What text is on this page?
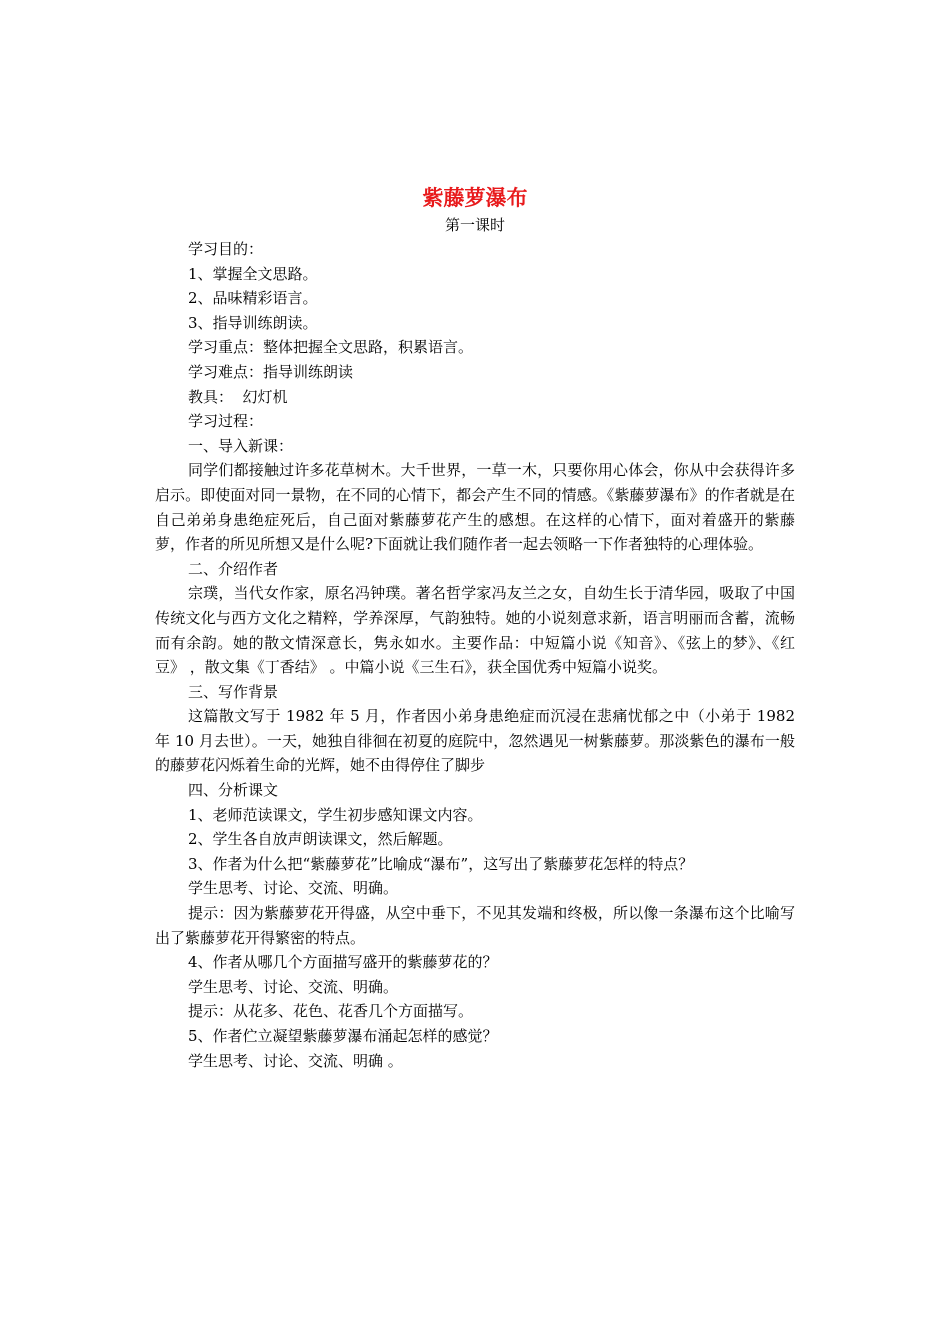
紫藤萝瀑布
第一课时

学习目的：

1、掌握全文思路。

2、品味精彩语言。

3、指导训练朗读。

学习重点：整体把握全文思路，积累语言。

学习难点：指导训练朗读

教具：  幻灯机

学习过程：

一、导入新课：

同学们都接触过许多花草树木。大千世界，一草一木，只要你用心体会，你从中会获得许多启示。即使面对同一景物，在不同的心情下，都会产生不同的情感。《紫藤萝瀑布》的作者就是在自己弟弟身患绝症死后，自己面对紫藤萝花产生的感想。在这样的心情下，面对着盛开的紫藤萝，作者的所见所想又是什么呢?下面就让我们随作者一起去领略一下作者独特的心理体验。

二、介绍作者

宗璞，当代女作家，原名冯钟璞。著名哲学家冯友兰之女，自幼生长于清华园，吸取了中国传统文化与西方文化之精粹，学养深厚，气韵独特。她的小说刻意求新，语言明丽而含蓄，流畅而有余韵。她的散文情深意长，隽永如水。主要作品：中短篇小说《知音》、《弦上的梦》、《红豆》 ，散文集《丁香结》 。中篇小说《三生石》，获全国优秀中短篇小说奖。

三、写作背景

这篇散文写于 1982 年 5 月，作者因小弟身患绝症而沉浸在悲痛忧郁之中（小弟于 1982 年 10 月去世）。一天，她独自徘徊在初夏的庭院中，忽然遇见一树紫藤萝。那淡紫色的瀑布一般的藤萝花闪烁着生命的光辉，她不由得停住了脚步

四、分析课文

1、老师范读课文，学生初步感知课文内容。

2、学生各自放声朗读课文，然后解题。

3、作者为什么把“紫藤萝花”比喻成“瀑布”，这写出了紫藤萝花怎样的特点？

学生思考、讨论、交流、明确。

提示：因为紫藤萝花开得盛，从空中垂下，不见其发端和终极，所以像一条瀑布这个比喻写出了紫藤萝花开得繁密的特点。

4、作者从哪几个方面描写盛开的紫藤萝花的？

学生思考、讨论、交流、明确。

提示：从花多、花色、花香几个方面描写。

5、作者伫立凝望紫藤萝瀑布涌起怎样的感觉？

学生思考、讨论、交流、明确 。
